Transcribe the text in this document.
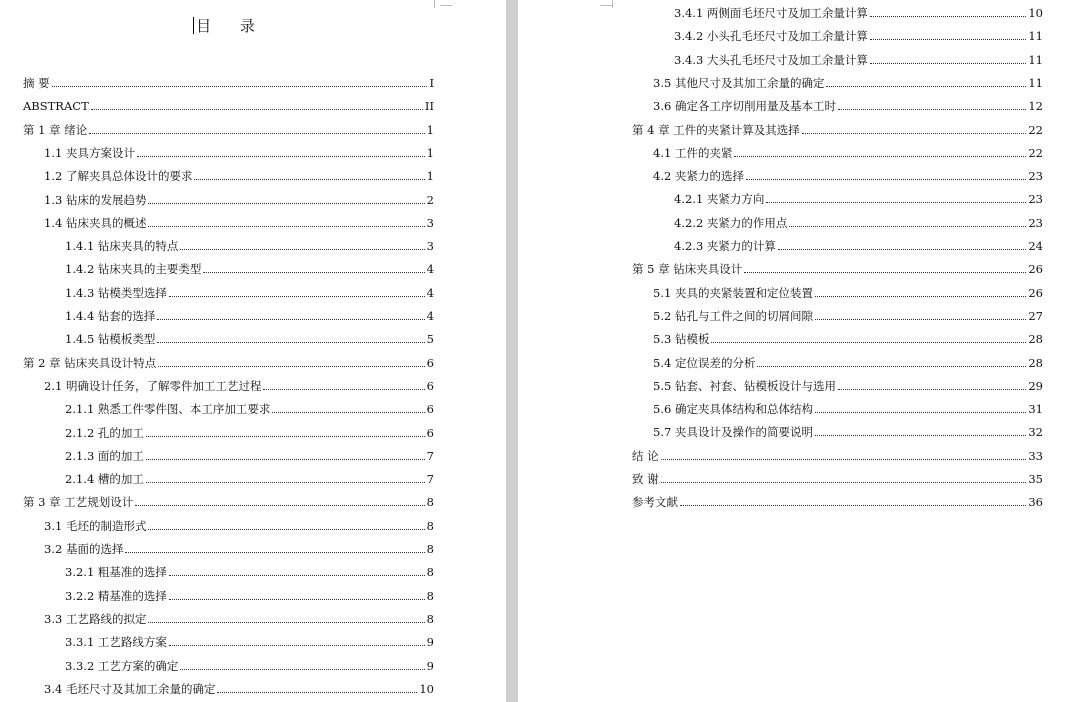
目 录
摘 要	I
ABSTRACT	II
第 1 章 绪论	1
1.1 夹具方案设计	1
1.2 了解夹具总体设计的要求	1
1.3 钻床的发展趋势	2
1.4 钻床夹具的概述	3
1.4.1 钻床夹具的特点	3
1.4.2 钻床夹具的主要类型	4
1.4.3 钻模类型选择	4
1.4.4 钻套的选择	4
1.4.5 钻模板类型	5
第 2 章 钻床夹具设计特点	6
2.1 明确设计任务，了解零件加工工艺过程	6
2.1.1 熟悉工件零件图、本工序加工要求	6
2.1.2 孔的加工	6
2.1.3 面的加工	7
2.1.4 槽的加工	7
第 3 章 工艺规划设计	8
3.1 毛坯的制造形式	8
3.2 基面的选择	8
3.2.1 粗基准的选择	8
3.2.2 精基准的选择	8
3.3 工艺路线的拟定	8
3.3.1 工艺路线方案	9
3.3.2 工艺方案的确定	9
3.4 毛坯尺寸及其加工余量的确定	10
3.4.1 两侧面毛坯尺寸及加工余量计算	10
3.4.2 小头孔毛坯尺寸及加工余量计算	11
3.4.3 大头孔毛坯尺寸及加工余量计算	11
3.5 其他尺寸及其加工余量的确定	11
3.6 确定各工序切削用量及基本工时	12
第 4 章 工件的夹紧计算及其选择	22
4.1 工件的夹紧	22
4.2 夹紧力的选择	23
4.2.1 夹紧力方向	23
4.2.2 夹紧力的作用点	23
4.2.3 夹紧力的计算	24
第 5 章 钻床夹具设计	26
5.1 夹具的夹紧装置和定位装置	26
5.2 钻孔与工件之间的切屑间隙	27
5.3 钻模板	28
5.4 定位误差的分析	28
5.5 钻套、衬套、钻模板设计与选用	29
5.6 确定夹具体结构和总体结构	31
5.7 夹具设计及操作的简要说明	32
结 论	33
致 谢	35
参考文献	36
